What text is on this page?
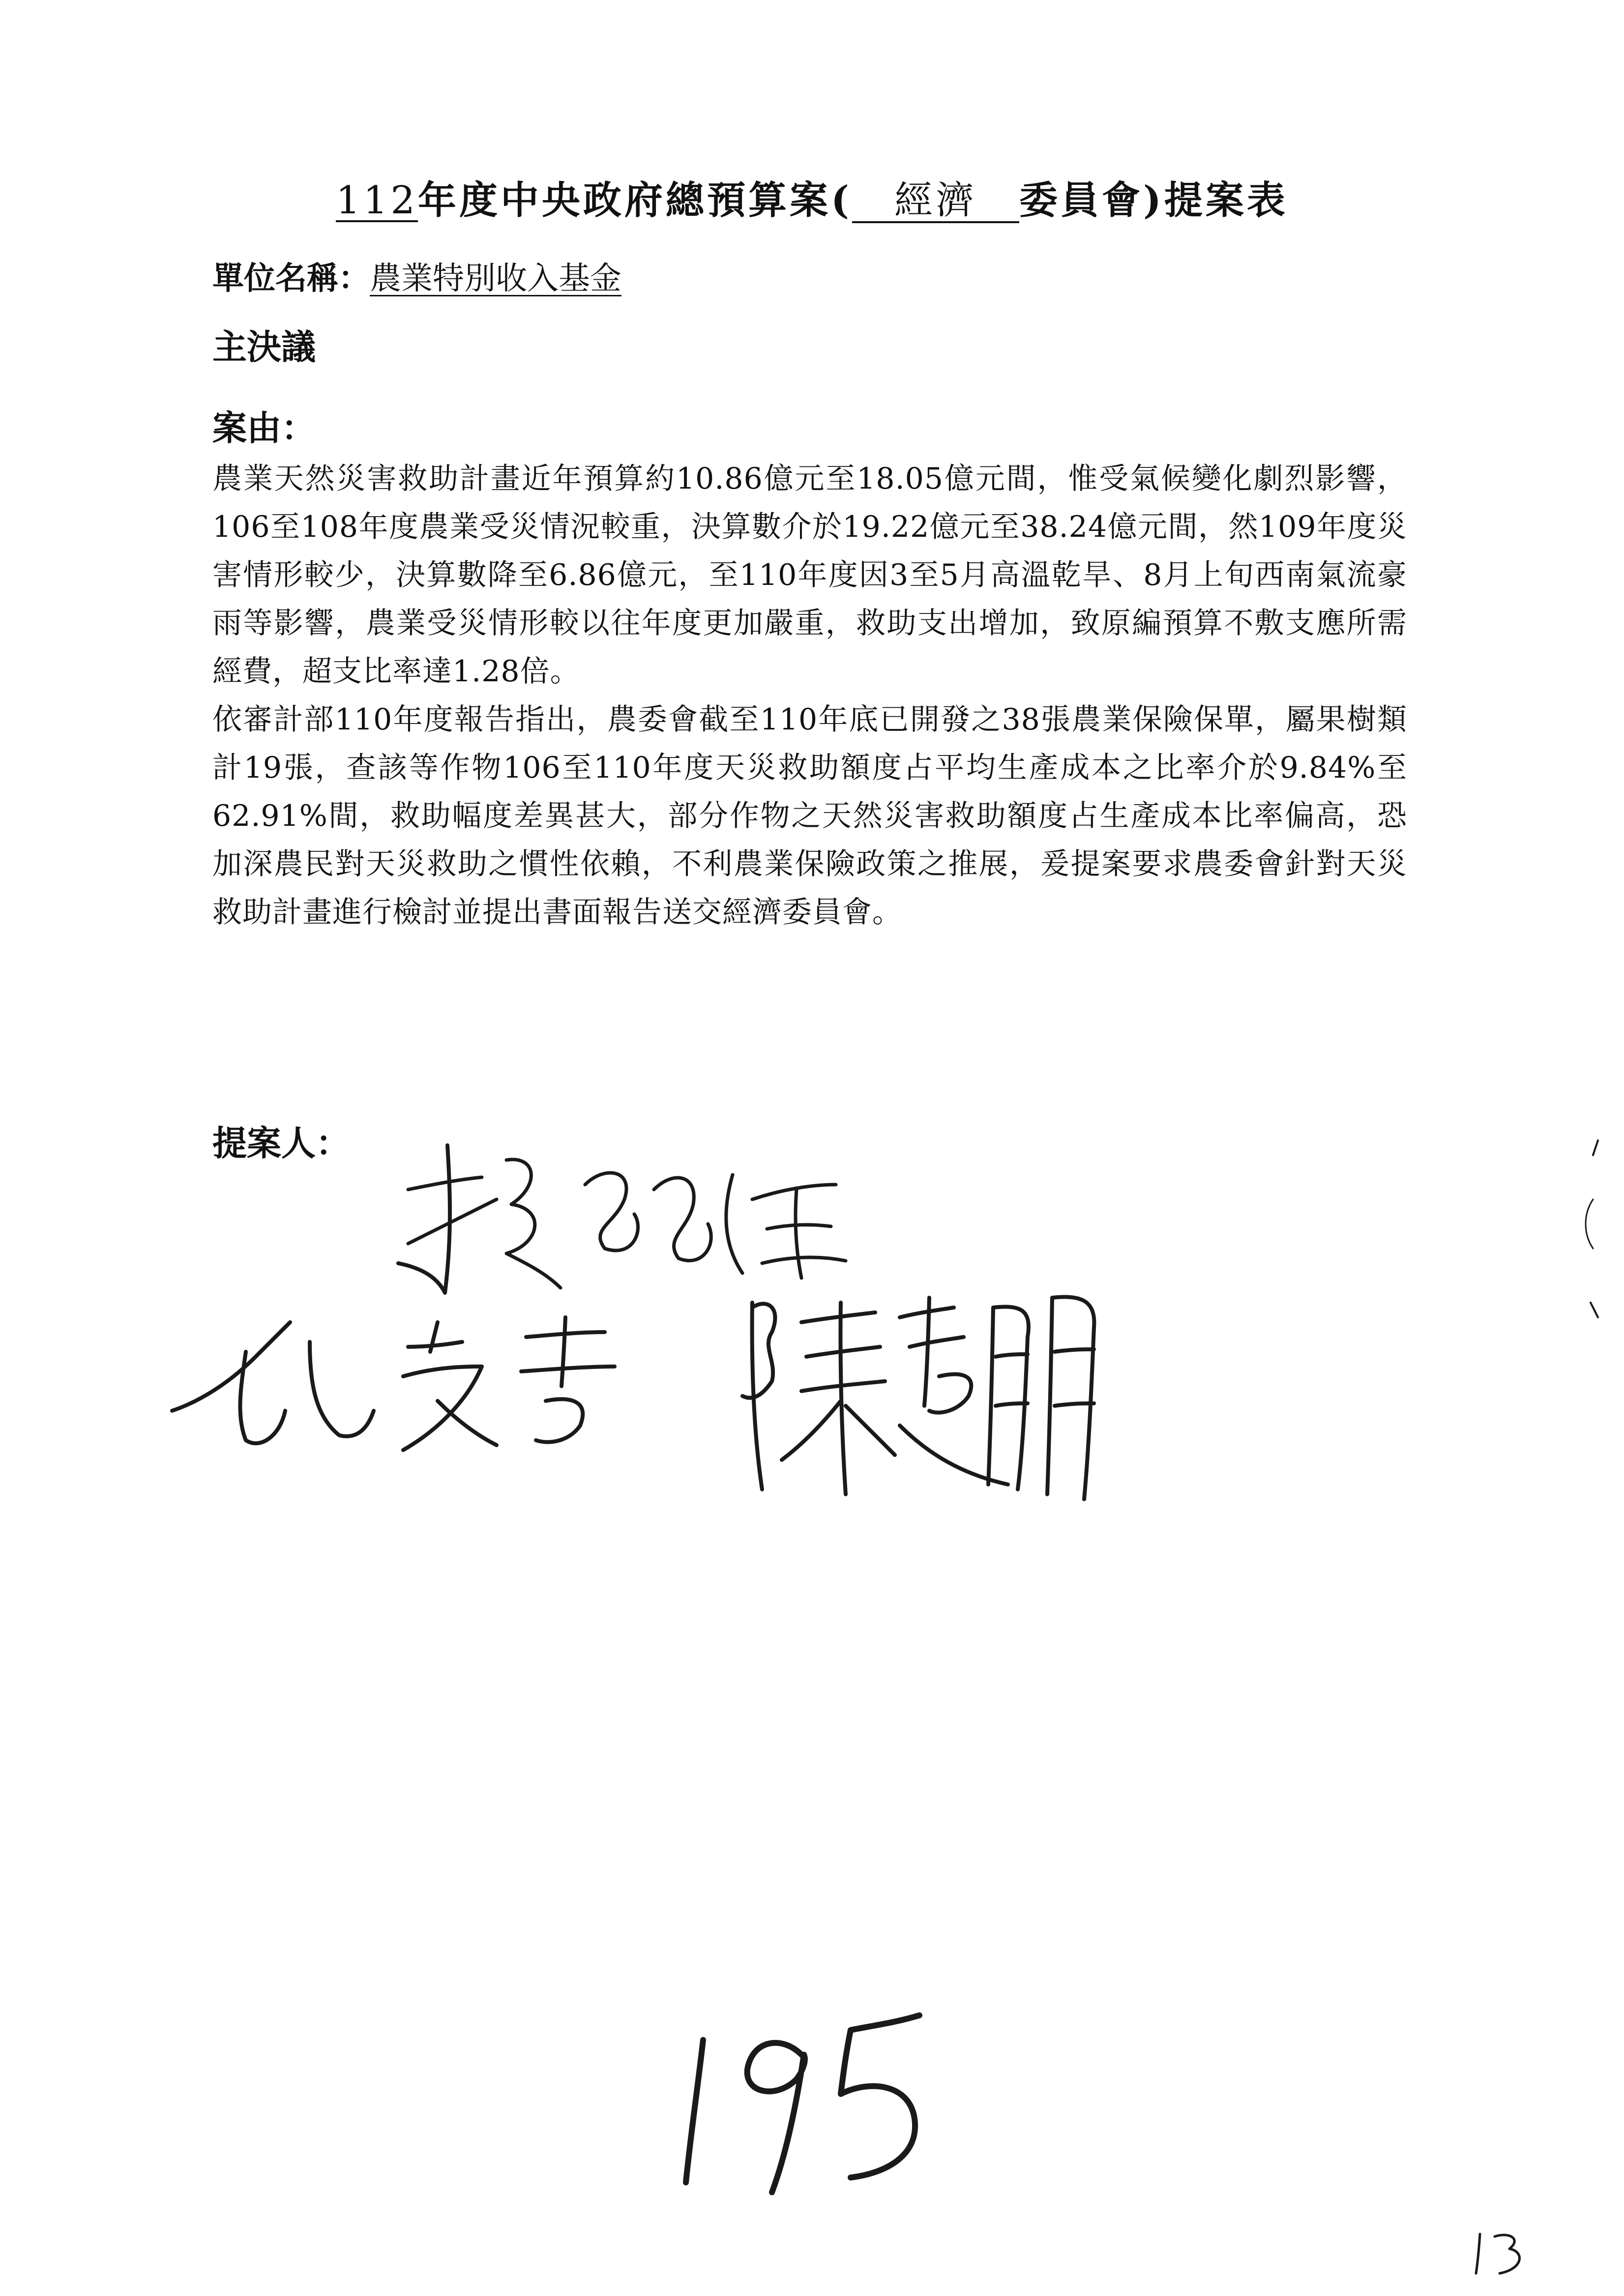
112年度中央政府總預算案( 經濟 委員會)提案表
單位名稱：農業特別收入基金
主決議
案由：

農業天然災害救助計畫近年預算約10.86億元至18.05億元間，惟受氣候變化劇烈影響，106至108年度農業受災情況較重，決算數介於19.22億元至38.24億元間，然109年度災害情形較少，決算數降至6.86億元，至110年度因3至5月高溫乾旱、8月上旬西南氣流豪雨等影響，農業受災情形較以往年度更加嚴重，救助支出增加，致原編預算不敷支應所需經費，超支比率達1.28倍。

依審計部110年度報告指出，農委會截至110年底已開發之38張農業保險保單，屬果樹類計19張，查該等作物106至110年度天災救助額度占平均生產成本之比率介於9.84%至62.91%間，救助幅度差異甚大，部分作物之天然災害救助額度占生產成本比率偏高，恐加深農民對天災救助之慣性依賴，不利農業保險政策之推展，爰提案要求農委會針對天災救助計畫進行檢討並提出書面報告送交經濟委員會。

提案人：
